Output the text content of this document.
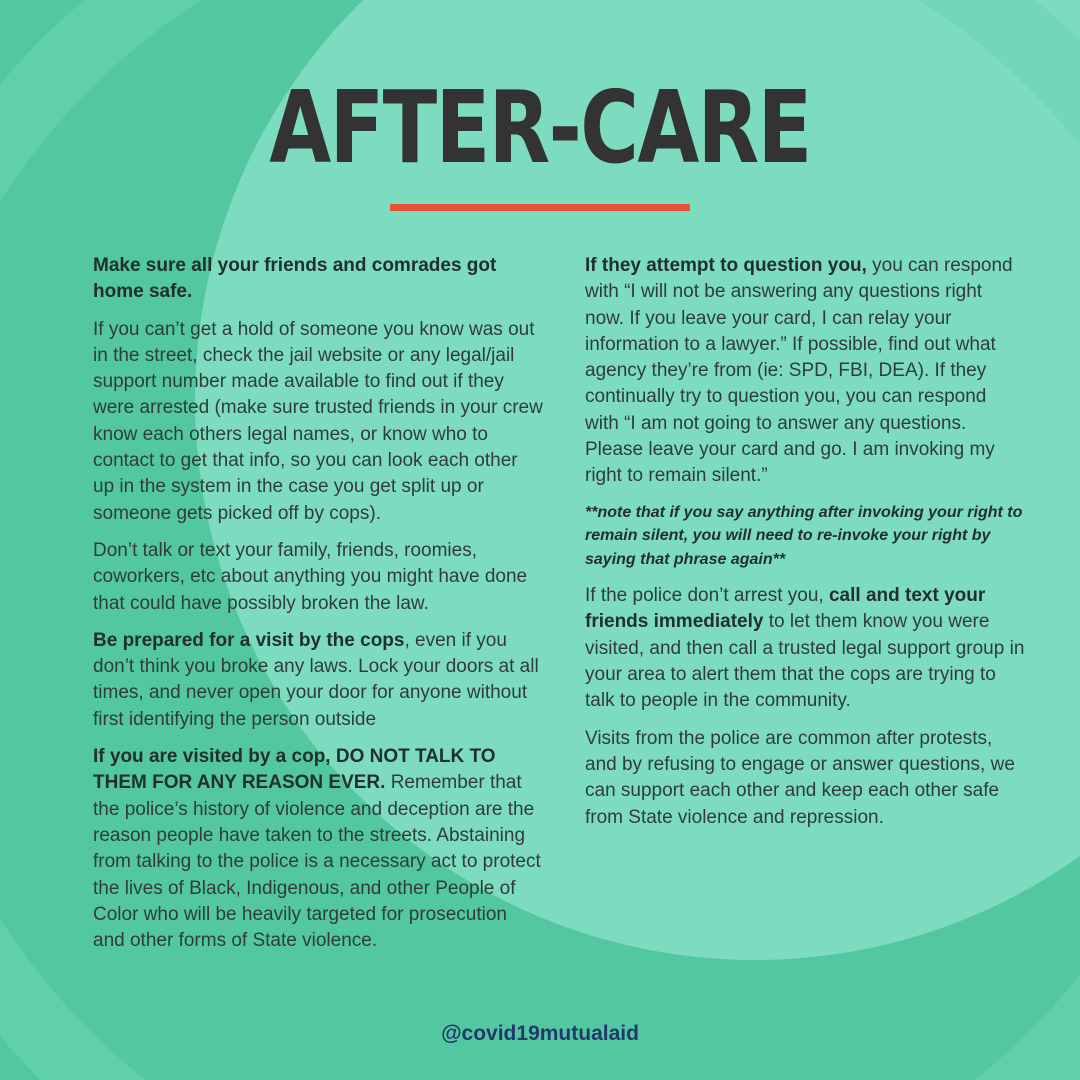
AFTER-CARE

Make sure all your friends and comrades got home safe.

If you can’t get a hold of someone you know was out in the street, check the jail website or any legal/jail support number made available to find out if they were arrested (make sure trusted friends in your crew know each others legal names, or know who to contact to get that info, so you can look each other up in the system in the case you get split up or someone gets picked off by cops).

Don’t talk or text your family, friends, roomies, coworkers, etc about anything you might have done that could have possibly broken the law.

Be prepared for a visit by the cops, even if you don’t think you broke any laws. Lock your doors at all times, and never open your door for anyone without first identifying the person outside

If you are visited by a cop, DO NOT TALK TO THEM FOR ANY REASON EVER. Remember that the police’s history of violence and deception are the reason people have taken to the streets. Abstaining from talking to the police is a necessary act to protect the lives of Black, Indigenous, and other People of Color who will be heavily targeted for prosecution and other forms of State violence.

If they attempt to question you, you can respond with “I will not be answering any questions right now. If you leave your card, I can relay your information to a lawyer.” If possible, find out what agency they’re from (ie: SPD, FBI, DEA). If they continually try to question you, you can respond with “I am not going to answer any questions. Please leave your card and go. I am invoking my right to remain silent.”

**note that if you say anything after invoking your right to remain silent, you will need to re-invoke your right by saying that phrase again**

If the police don’t arrest you, call and text your friends immediately to let them know you were visited, and then call a trusted legal support group in your area to alert them that the cops are trying to talk to people in the community.

Visits from the police are common after protests, and by refusing to engage or answer questions, we can support each other and keep each other safe from State violence and repression.

@covid19mutualaid
